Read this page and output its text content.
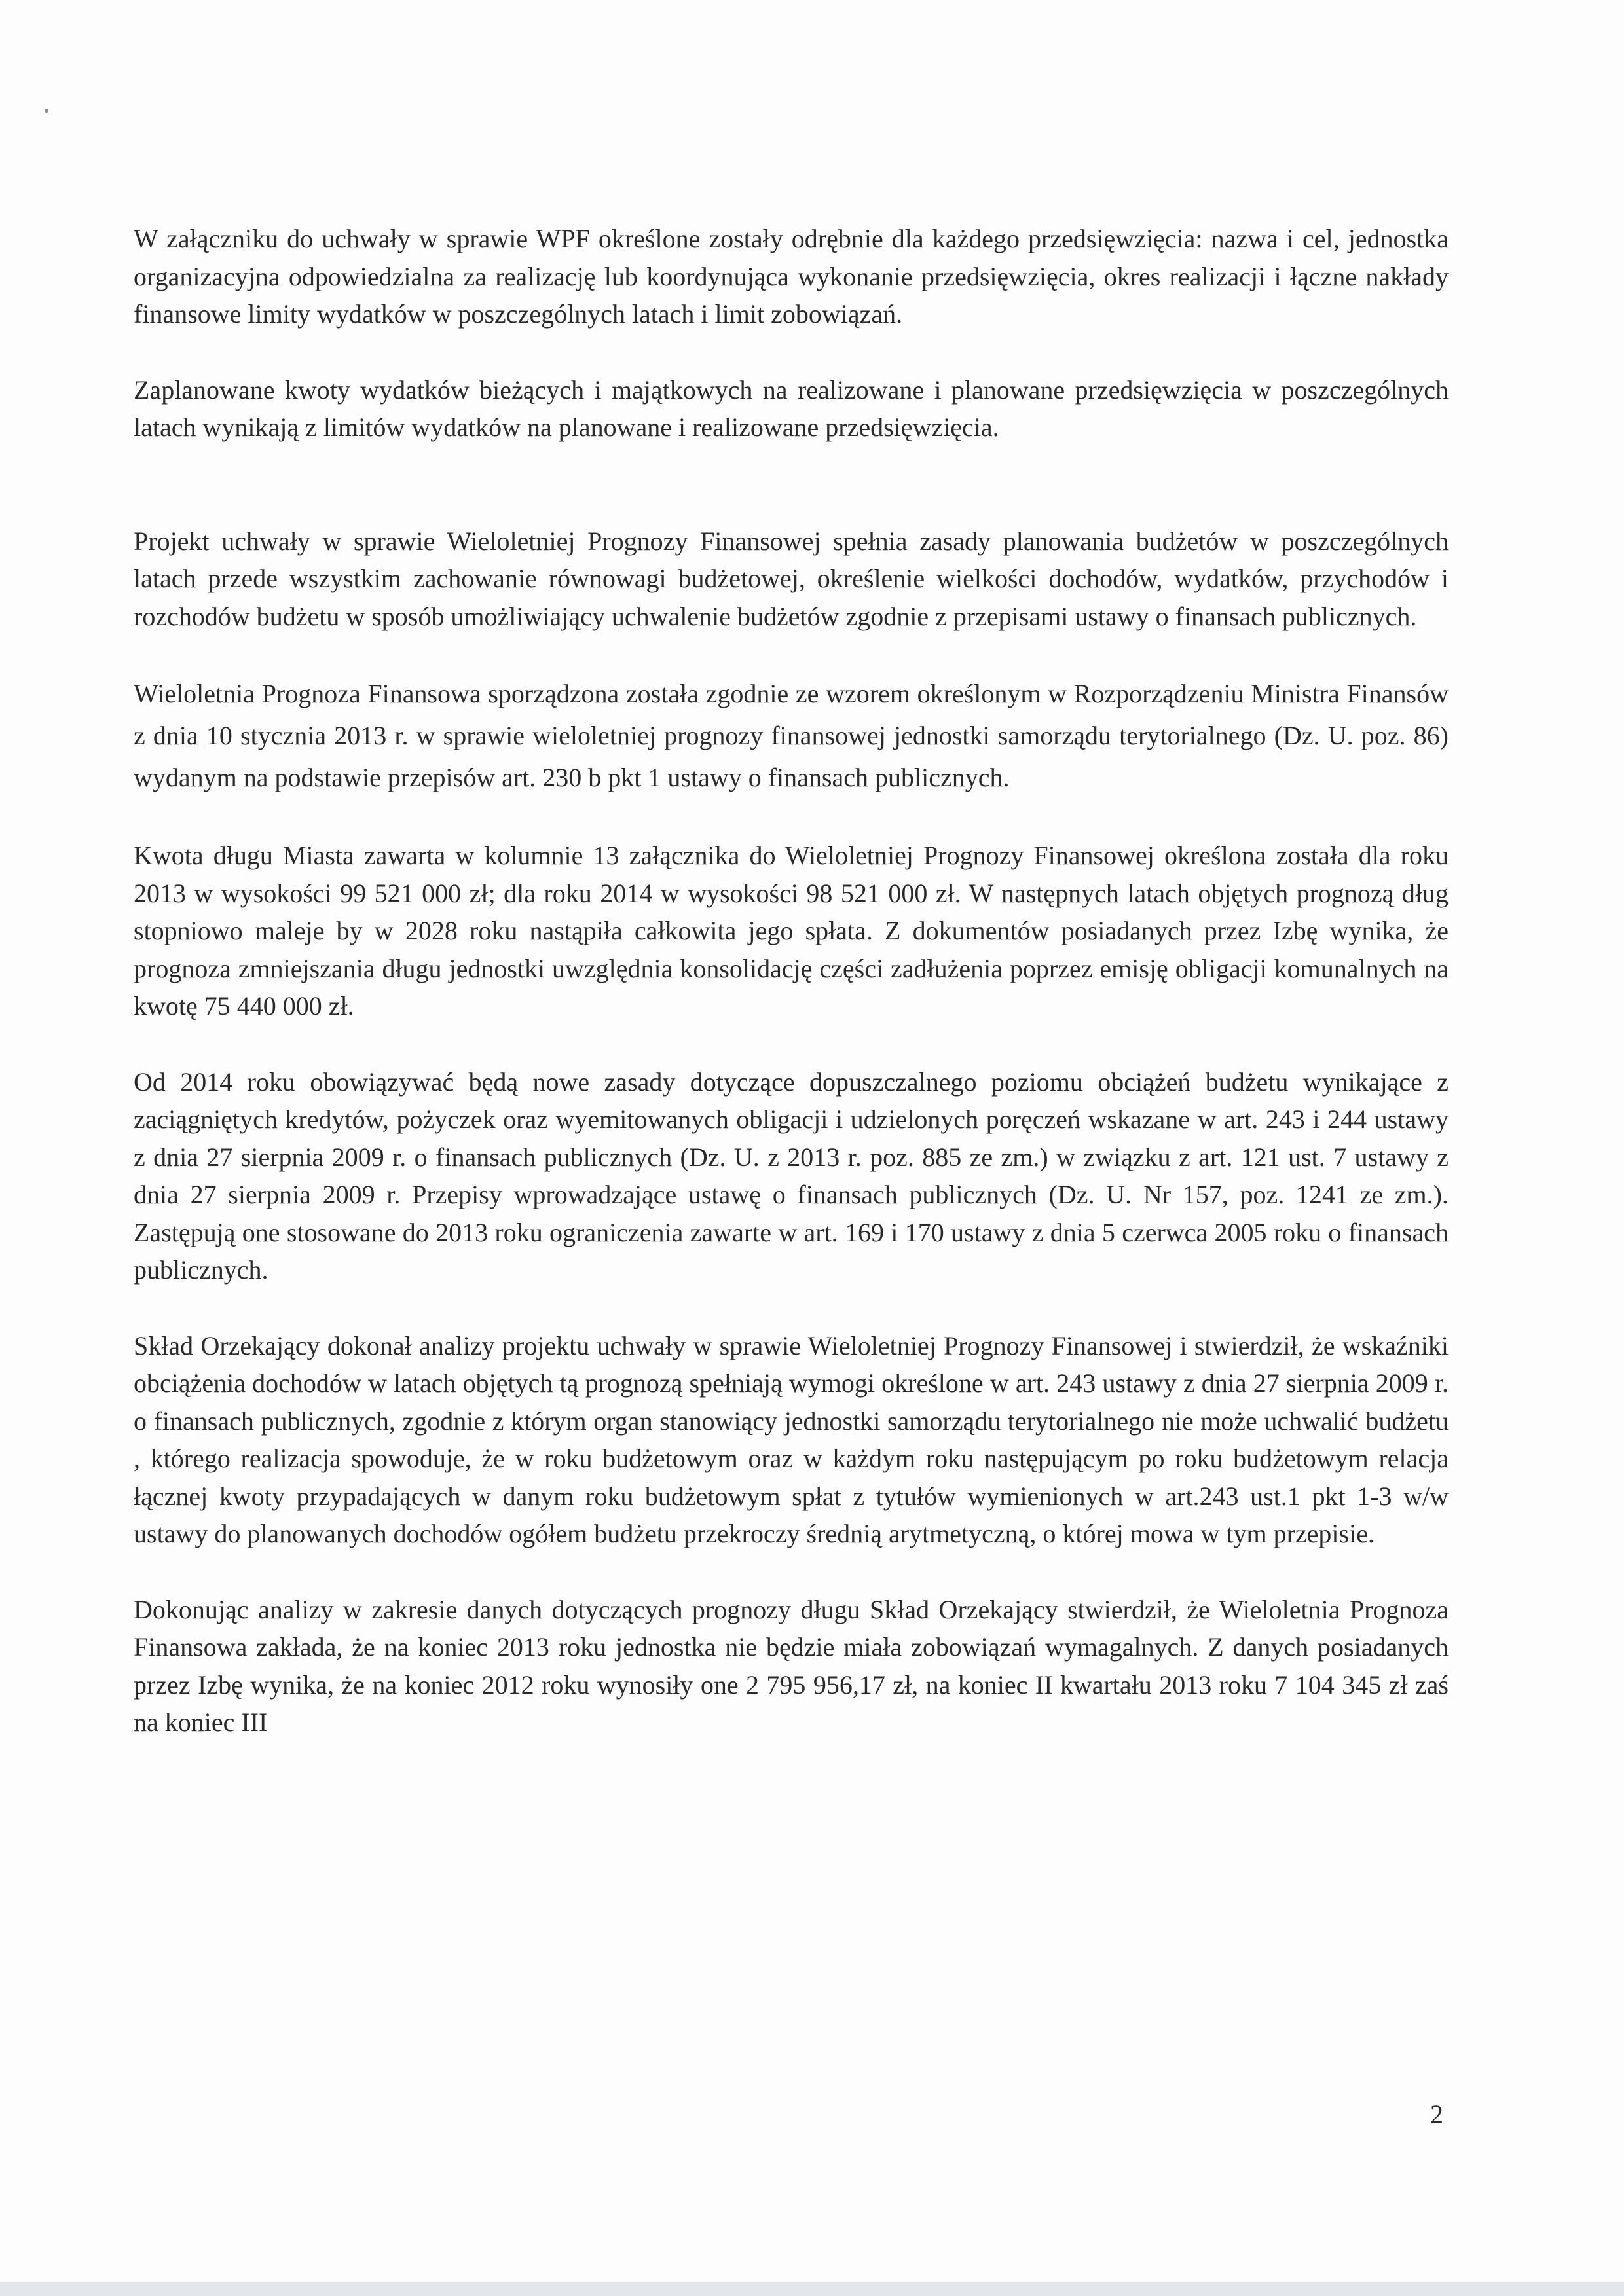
W załączniku do uchwały w sprawie WPF określone zostały odrębnie dla każdego przedsięwzięcia: nazwa i cel, jednostka organizacyjna odpowiedzialna za realizację lub koordynująca wykonanie przedsięwzięcia, okres realizacji i łączne nakłady finansowe limity wydatków w poszczególnych latach i limit zobowiązań.

Zaplanowane kwoty wydatków bieżących i majątkowych na realizowane i planowane przedsięwzięcia w poszczególnych latach wynikają z limitów wydatków na planowane i realizowane przedsięwzięcia.

Projekt uchwały w sprawie Wieloletniej Prognozy Finansowej spełnia zasady planowania budżetów w poszczególnych latach przede wszystkim zachowanie równowagi budżetowej, określenie wielkości dochodów, wydatków, przychodów i rozchodów budżetu w sposób umożliwiający uchwalenie budżetów zgodnie z przepisami ustawy o finansach publicznych.

Wieloletnia Prognoza Finansowa sporządzona została zgodnie ze wzorem określonym w Rozporządzeniu Ministra Finansów z dnia 10 stycznia 2013 r. w sprawie wieloletniej prognozy finansowej jednostki samorządu terytorialnego (Dz. U. poz. 86) wydanym na podstawie przepisów art. 230 b pkt 1 ustawy o finansach publicznych.

Kwota długu Miasta zawarta w kolumnie 13 załącznika do Wieloletniej Prognozy Finansowej określona została dla roku 2013 w wysokości 99 521 000 zł; dla roku 2014 w wysokości 98 521 000 zł. W następnych latach objętych prognozą dług stopniowo maleje by w 2028 roku nastąpiła całkowita jego spłata. Z dokumentów posiadanych przez Izbę wynika, że prognoza zmniejszania długu jednostki uwzględnia konsolidację części zadłużenia poprzez emisję obligacji komunalnych na kwotę 75 440 000 zł.

Od 2014 roku obowiązywać będą nowe zasady dotyczące dopuszczalnego poziomu obciążeń budżetu wynikające z zaciągniętych kredytów, pożyczek oraz wyemitowanych obligacji i udzielonych poręczeń wskazane w art. 243 i 244 ustawy z dnia 27 sierpnia 2009 r. o finansach publicznych (Dz. U. z 2013 r. poz. 885 ze zm.) w związku z art. 121 ust. 7 ustawy z dnia 27 sierpnia 2009 r. Przepisy wprowadzające ustawę o finansach publicznych (Dz. U. Nr 157, poz. 1241 ze zm.). Zastępują one stosowane do 2013 roku ograniczenia zawarte w art. 169 i 170 ustawy z dnia 5 czerwca 2005 roku o finansach publicznych.

Skład Orzekający dokonał analizy projektu uchwały w sprawie Wieloletniej Prognozy Finansowej i stwierdził, że wskaźniki obciążenia dochodów w latach objętych tą prognozą spełniają wymogi określone w art. 243 ustawy z dnia 27 sierpnia 2009 r. o finansach publicznych, zgodnie z którym organ stanowiący jednostki samorządu terytorialnego nie może uchwalić budżetu , którego realizacja spowoduje, że w roku budżetowym oraz w każdym roku następującym po roku budżetowym relacja łącznej kwoty przypadających w danym roku budżetowym spłat z tytułów wymienionych w art.243 ust.1 pkt 1-3 w/w ustawy do planowanych dochodów ogółem budżetu przekroczy średnią arytmetyczną, o której mowa w tym przepisie.

Dokonując analizy w zakresie danych dotyczących prognozy długu Skład Orzekający stwierdził, że Wieloletnia Prognoza Finansowa zakłada, że na koniec 2013 roku jednostka nie będzie miała zobowiązań wymagalnych. Z danych posiadanych przez Izbę wynika, że na koniec 2012 roku wynosiły one 2 795 956,17 zł, na koniec II kwartału 2013 roku 7 104 345 zł zaś na koniec III

2
